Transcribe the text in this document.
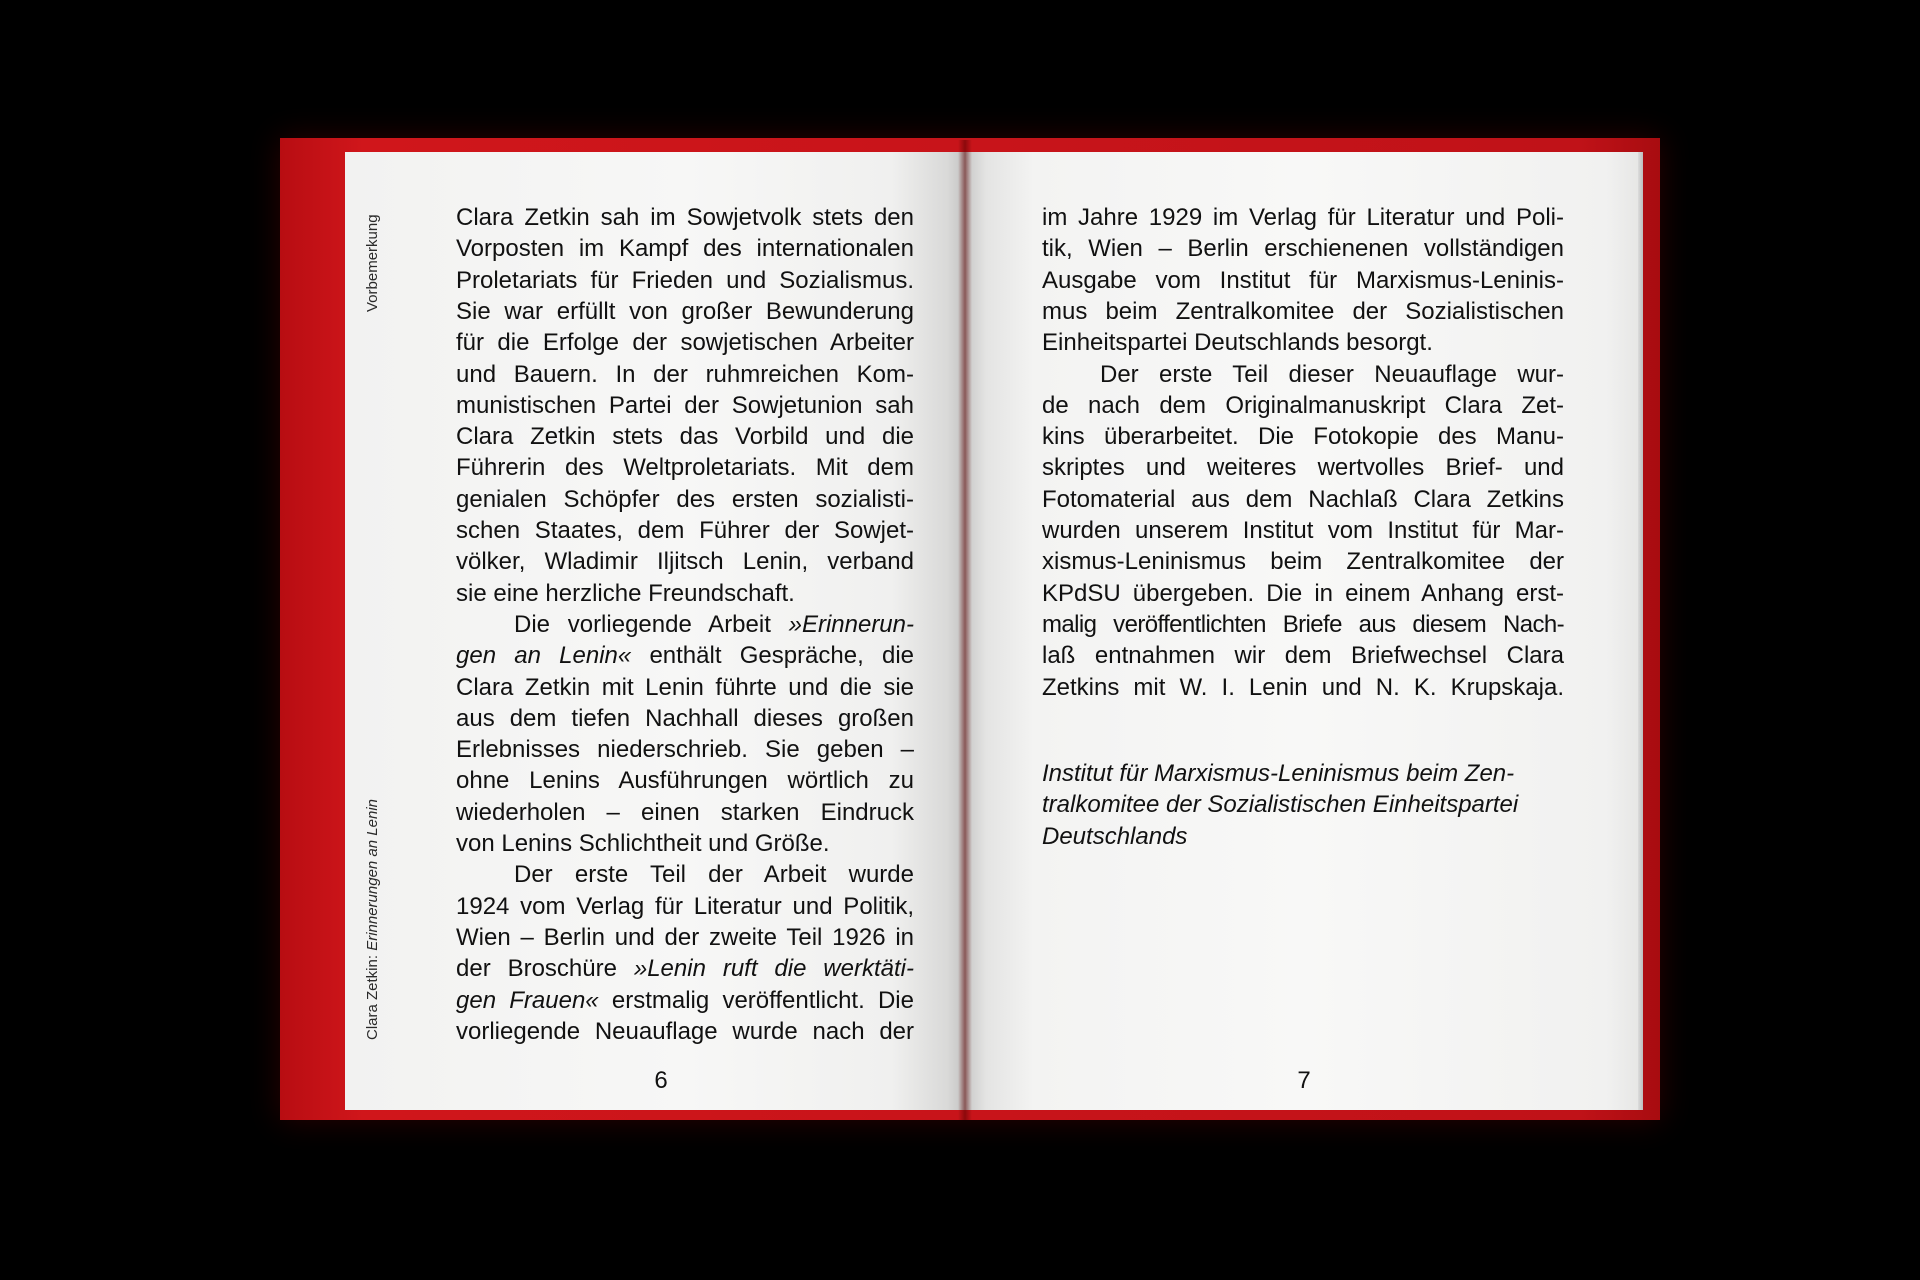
Vorbemerkung
Clara Zetkin: Erinnerungen an Lenin
Clara Zetkin sah im Sowjetvolk stets den
Vorposten im Kampf des internationalen
Proletariats für Frieden und Sozialismus.
Sie war erfüllt von großer Bewunderung
für die Erfolge der sowjetischen Arbeiter
und Bauern. In der ruhmreichen Kom-
munistischen Partei der Sowjetunion sah
Clara Zetkin stets das Vorbild und die
Führerin des Weltproletariats. Mit dem
genialen Schöpfer des ersten sozialisti-
schen Staates, dem Führer der Sowjet-
völker, Wladimir Iljitsch Lenin, verband
sie eine herzliche Freundschaft.
Die vorliegende Arbeit »Erinnerun-
gen an Lenin« enthält Gespräche, die
Clara Zetkin mit Lenin führte und die sie
aus dem tiefen Nachhall dieses großen
Erlebnisses niederschrieb. Sie geben –
ohne Lenins Ausführungen wörtlich zu
wiederholen – einen starken Eindruck
von Lenins Schlichtheit und Größe.
Der erste Teil der Arbeit wurde
1924 vom Verlag für Literatur und Politik,
Wien – Berlin und der zweite Teil 1926 in
der Broschüre »Lenin ruft die werktäti-
gen Frauen« erstmalig veröffentlicht. Die
vorliegende Neuauflage wurde nach der
6
im Jahre 1929 im Verlag für Literatur und Poli-
tik, Wien – Berlin erschienenen vollständigen
Ausgabe vom Institut für Marxismus-Leninis-
mus beim Zentralkomitee der Sozialistischen
Einheitspartei Deutschlands besorgt.
Der erste Teil dieser Neuauflage wur-
de nach dem Originalmanuskript Clara Zet-
kins überarbeitet. Die Fotokopie des Manu-
skriptes und weiteres wertvolles Brief- und
Fotomaterial aus dem Nachlaß Clara Zetkins
wurden unserem Institut vom Institut für Mar-
xismus-Leninismus beim Zentralkomitee der
KPdSU übergeben. Die in einem Anhang erst-
malig veröffentlichten Briefe aus diesem Nach-
laß entnahmen wir dem Briefwechsel Clara
Zetkins mit W. I. Lenin und N. K. Krupskaja.
Institut für Marxismus-Leninismus beim Zen-
tralkomitee der Sozialistischen Einheitspartei
Deutschlands
7
